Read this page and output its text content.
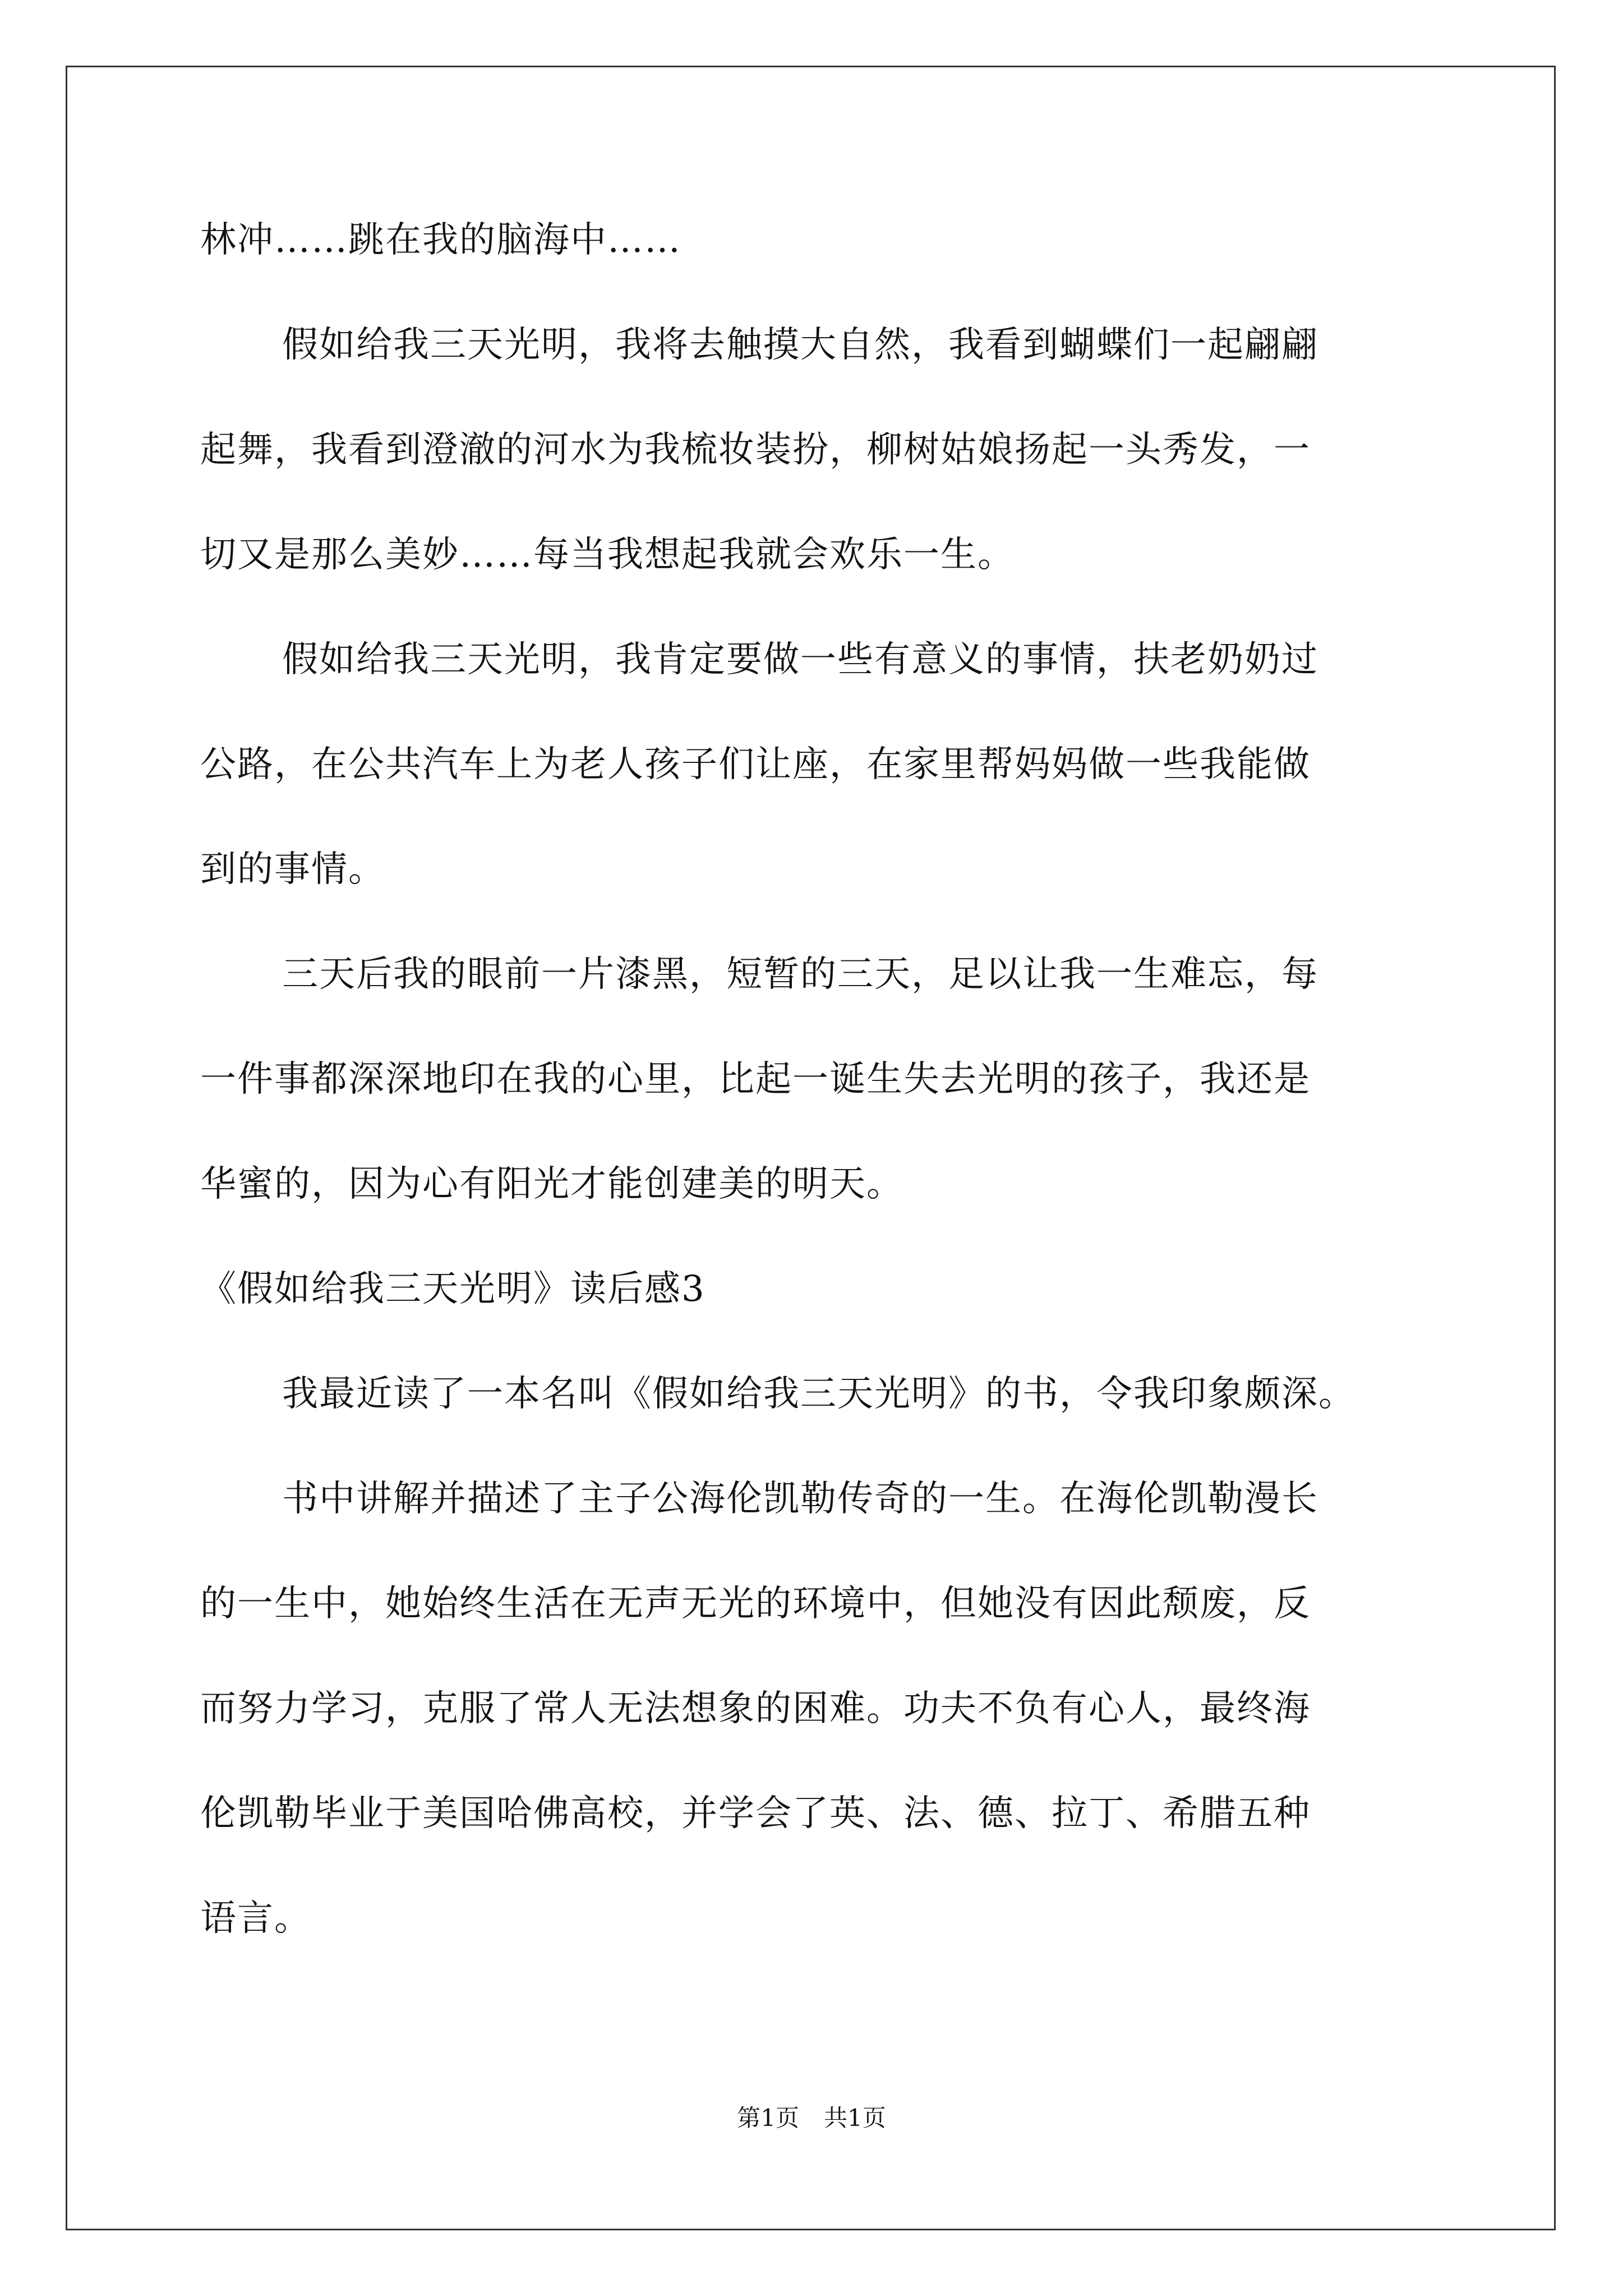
林冲……跳在我的脑海中……
假如给我三天光明，我将去触摸大自然，我看到蝴蝶们一起翩翩
起舞，我看到澄澈的河水为我梳妆装扮，柳树姑娘扬起一头秀发，一
切又是那么美妙……每当我想起我就会欢乐一生。
假如给我三天光明，我肯定要做一些有意义的事情，扶老奶奶过
公路，在公共汽车上为老人孩子们让座，在家里帮妈妈做一些我能做
到的事情。
三天后我的眼前一片漆黑，短暂的三天，足以让我一生难忘，每
一件事都深深地印在我的心里，比起一诞生失去光明的孩子，我还是
华蜜的，因为心有阳光才能创建美的明天。
《假如给我三天光明》读后感3
我最近读了一本名叫《假如给我三天光明》的书，令我印象颇深。
书中讲解并描述了主子公海伦凯勒传奇的一生。在海伦凯勒漫长
的一生中，她始终生活在无声无光的环境中，但她没有因此颓废，反
而努力学习，克服了常人无法想象的困难。功夫不负有心人，最终海
伦凯勒毕业于美国哈佛高校，并学会了英、法、德、拉丁、希腊五种
语言。
第1页 共1页
